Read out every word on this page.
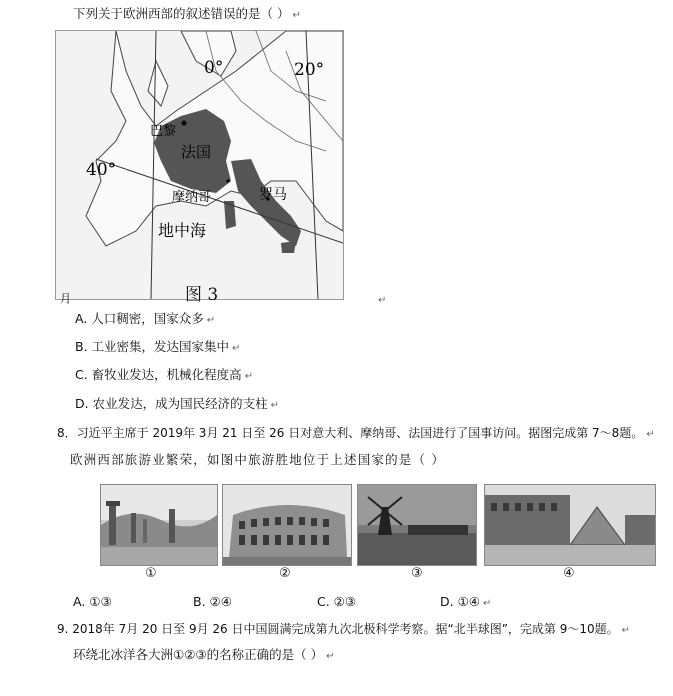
下列关于欧洲西部的叙述错误的是（ ） ↵
0°	20°
40°
巴黎
法国
摩纳哥	罗马
地中海
图 3
月	↵
A. 人口稠密，国家众多 ↵
B. 工业密集，发达国家集中 ↵
C. 畜牧业发达，机械化程度高 ↵
D. 农业发达，成为国民经济的支柱 ↵
8．习近平主席于 2019年 3月 21 日至 26 日对意大利、摩纳哥、法国进行了国事访问。据图完成第 7～8题。 ↵
欧洲西部旅游业繁荣，如图中旅游胜地位于上述国家的是（ ）
①	②	③	④
A. ①③	B. ②④	C. ②③	D. ①④ ↵
9. 2018年 7月 20 日至 9月 26 日中国圆满完成第九次北极科学考察。据“北半球图”，完成第 9～10题。 ↵
环绕北冰洋各大洲①②③的名称正确的是（ ） ↵
